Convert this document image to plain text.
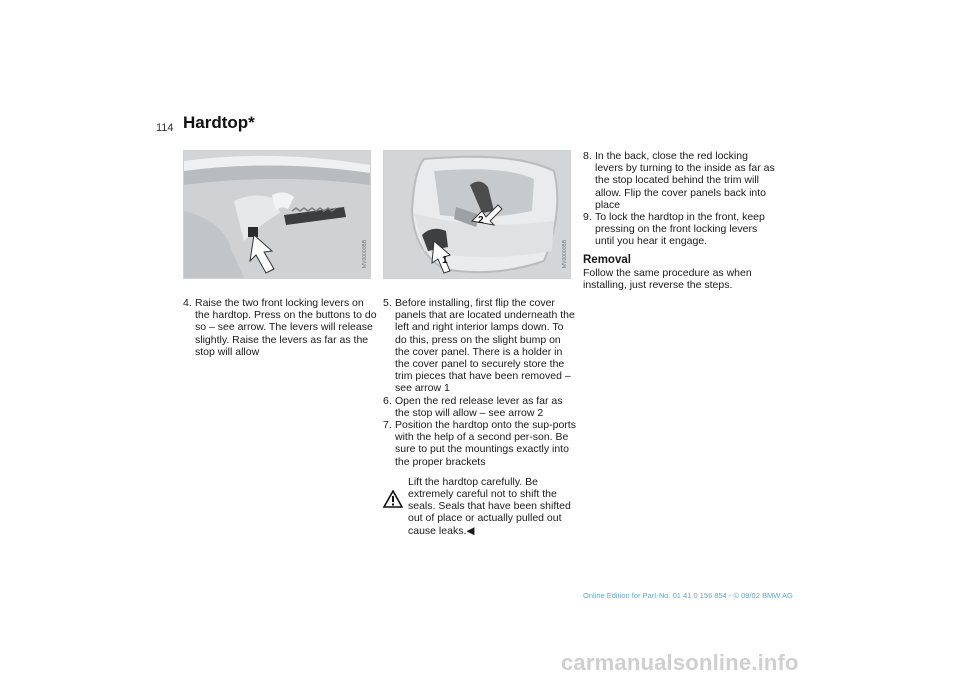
114 Hardtop*
MV00000BB	1
2
MV00000BB
4. Raise the two front locking levers on the hardtop. Press on the buttons to do so – see arrow. The levers will release slightly. Raise the levers as far as the stop will allow
5. Before installing, first flip the cover panels that are located underneath the left and right interior lamps down. To do this, press on the slight bump on the cover panel. There is a holder in the cover panel to securely store the trim pieces that have been removed – see arrow 1
6. Open the red release lever as far as the stop will allow – see arrow 2
7. Position the hardtop onto the sup-ports with the help of a second per-son. Be sure to put the mountings exactly into the proper brackets
Lift the hardtop carefully. Be
extremely careful not to shift the seals. Seals that have been shifted out of place or actually pulled out cause leaks.◀
8. In the back, close the red locking levers by turning to the inside as far as the stop located behind the trim will allow. Flip the cover panels back into place
9. To lock the hardtop in the front, keep pressing on the front locking levers until you hear it engage.
Removal
Follow the same procedure as when installing, just reverse the steps.
Online Edition for Part-No. 01 41 0 156 854 - © 09/02 BMW AG
carmanualsonline.info
